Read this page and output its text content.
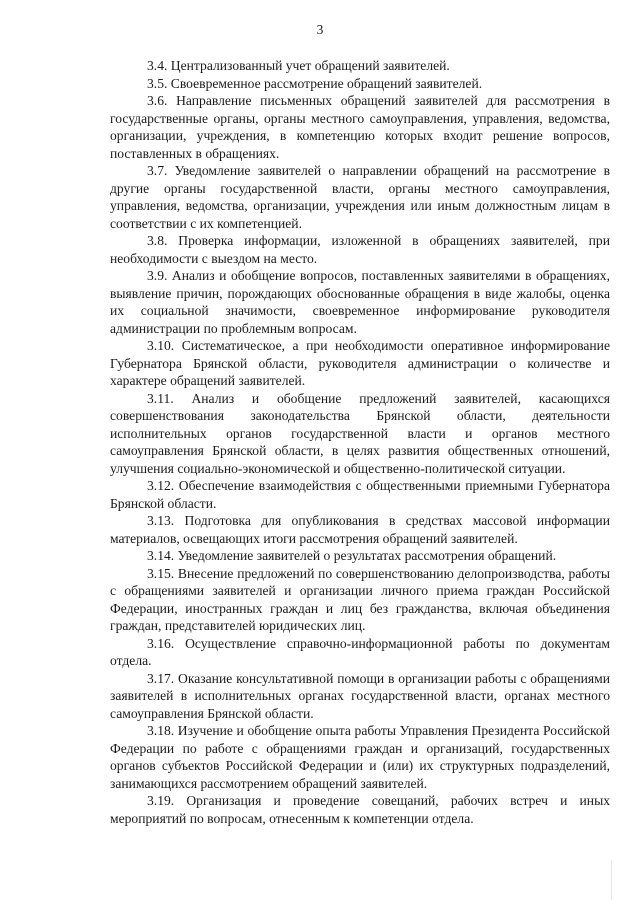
3

3.4. Централизованный учет обращений заявителей.

3.5. Своевременное рассмотрение обращений заявителей.

3.6. Направление письменных обращений заявителей для рассмотрения в государственные органы, органы местного самоуправления, управления, ведомства, организации, учреждения, в компетенцию которых входит решение вопросов, поставленных в обращениях.

3.7. Уведомление заявителей о направлении обращений на рассмотрение в другие органы государственной власти, органы местного самоуправления, управления, ведомства, организации, учреждения или иным должностным лицам в соответствии с их компетенцией.

3.8. Проверка информации, изложенной в обращениях заявителей, при необходимости с выездом на место.

3.9. Анализ и обобщение вопросов, поставленных заявителями в обращениях, выявление причин, порождающих обоснованные обращения в виде жалобы, оценка их социальной значимости, своевременное информирование руководителя администрации по проблемным вопросам.

3.10. Систематическое, а при необходимости оперативное информирование Губернатора Брянской области, руководителя администрации о количестве и характере обращений заявителей.

3.11. Анализ и обобщение предложений заявителей, касающихся совершенствования законодательства Брянской области, деятельности исполнительных органов государственной власти и органов местного самоуправления Брянской области, в целях развития общественных отношений, улучшения социально-экономической и общественно-политической ситуации.

3.12. Обеспечение взаимодействия с общественными приемными Губернатора Брянской области.

3.13. Подготовка для опубликования в средствах массовой информации материалов, освещающих итоги рассмотрения обращений заявителей.

3.14. Уведомление заявителей о результатах рассмотрения обращений.

3.15. Внесение предложений по совершенствованию делопроизводства, работы с обращениями заявителей и организации личного приема граждан Российской Федерации, иностранных граждан и лиц без гражданства, включая объединения граждан, представителей юридических лиц.

3.16. Осуществление справочно-информационной работы по документам отдела.

3.17. Оказание консультативной помощи в организации работы с обращениями заявителей в исполнительных органах государственной власти, органах местного самоуправления Брянской области.

3.18. Изучение и обобщение опыта работы Управления Президента Российской Федерации по работе с обращениями граждан и организаций, государственных органов субъектов Российской Федерации и (или) их структурных подразделений, занимающихся рассмотрением обращений заявителей.

3.19. Организация и проведение совещаний, рабочих встреч и иных мероприятий по вопросам, отнесенным к компетенции отдела.
